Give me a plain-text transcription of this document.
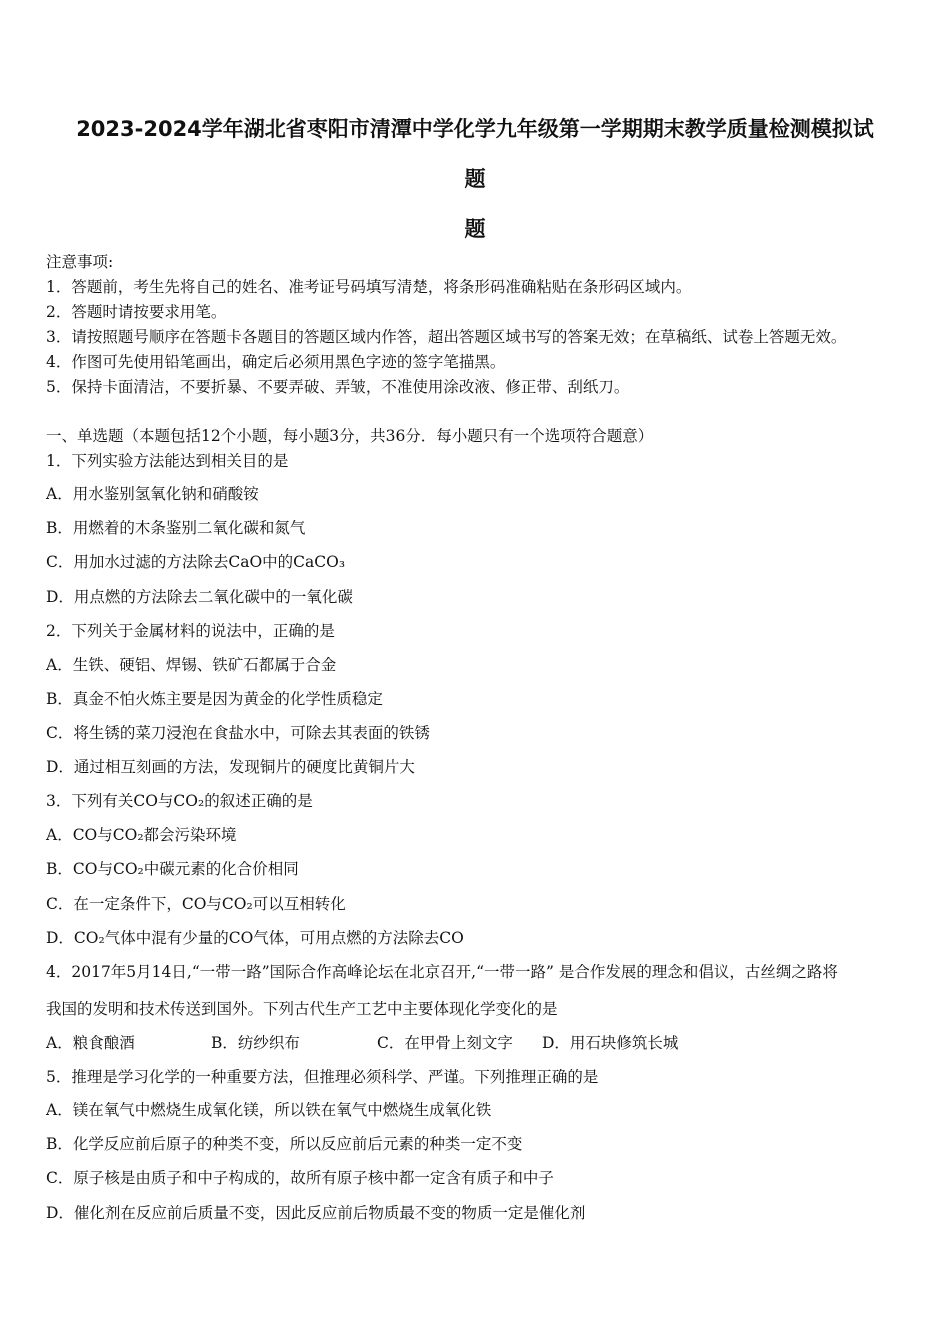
2023-2024学年湖北省枣阳市清潭中学化学九年级第一学期期末教学质量检测模拟试
题
题
注意事项:
1．答题前，考生先将自己的姓名、准考证号码填写清楚，将条形码准确粘贴在条形码区域内。
2．答题时请按要求用笔。
3．请按照题号顺序在答题卡各题目的答题区域内作答，超出答题区域书写的答案无效；在草稿纸、试卷上答题无效。
4．作图可先使用铅笔画出，确定后必须用黑色字迹的签字笔描黑。
5．保持卡面清洁，不要折暴、不要弄破、弄皱，不准使用涂改液、修正带、刮纸刀。
一、单选题（本题包括12个小题，每小题3分，共36分．每小题只有一个选项符合题意）
1．下列实验方法能达到相关目的是
A．用水鉴别氢氧化钠和硝酸铵
B．用燃着的木条鉴别二氧化碳和氮气
C．用加水过滤的方法除去CaO中的CaCO₃
D．用点燃的方法除去二氧化碳中的一氧化碳
2．下列关于金属材料的说法中，正确的是
A．生铁、硬铝、焊锡、铁矿石都属于合金
B．真金不怕火炼主要是因为黄金的化学性质稳定
C．将生锈的菜刀浸泡在食盐水中，可除去其表面的铁锈
D．通过相互刻画的方法，发现铜片的硬度比黄铜片大
3．下列有关CO与CO₂的叙述正确的是
A．CO与CO₂都会污染环境
B．CO与CO₂中碳元素的化合价相同
C．在一定条件下，CO与CO₂可以互相转化
D．CO₂气体中混有少量的CO气体，可用点燃的方法除去CO
4．2017年5月14日,“一带一路”国际合作高峰论坛在北京召开,“一带一路” 是合作发展的理念和倡议，古丝绸之路将
我国的发明和技术传送到国外。下列古代生产工艺中主要体现化学变化的是
A．粮食酿酒	B．纺纱织布	C．在甲骨上刻文字 D．用石块修筑长城
5．推理是学习化学的一种重要方法，但推理必须科学、严谨。下列推理正确的是
A．镁在氧气中燃烧生成氧化镁，所以铁在氧气中燃烧生成氧化铁
B．化学反应前后原子的种类不变，所以反应前后元素的种类一定不变
C．原子核是由质子和中子构成的，故所有原子核中都一定含有质子和中子
D．催化剂在反应前后质量不变，因此反应前后物质最不变的物质一定是催化剂
